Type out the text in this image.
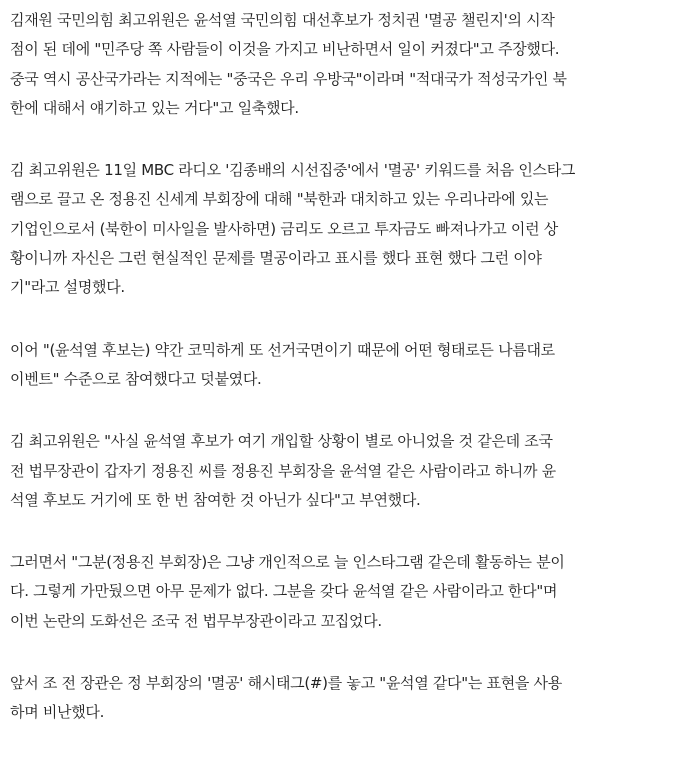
김재원 국민의힘 최고위원은 윤석열 국민의힘 대선후보가 정치권 '멸공 챌린지'의 시작
점이 된 데에 "민주당 쪽 사람들이 이것을 가지고 비난하면서 일이 커졌다"고 주장했다.
중국 역시 공산국가라는 지적에는 "중국은 우리 우방국"이라며 "적대국가 적성국가인 북
한에 대해서 얘기하고 있는 거다"고 일축했다.

김 최고위원은 11일 MBC 라디오 '김종배의 시선집중'에서 '멸공' 키워드를 처음 인스타그
램으로 끌고 온 정용진 신세계 부회장에 대해 "북한과 대치하고 있는 우리나라에 있는
기업인으로서 (북한이 미사일을 발사하면) 금리도 오르고 투자금도 빠져나가고 이런 상
황이니까 자신은 그런 현실적인 문제를 멸공이라고 표시를 했다 표현 했다 그런 이야
기"라고 설명했다.

이어 "(윤석열 후보는) 약간 코믹하게 또 선거국면이기 때문에 어떤 형태로든 나름대로
이벤트" 수준으로 참여했다고 덧붙였다.

김 최고위원은 "사실 윤석열 후보가 여기 개입할 상황이 별로 아니었을 것 같은데 조국
전 법무장관이 갑자기 정용진 씨를 정용진 부회장을 윤석열 같은 사람이라고 하니까 윤
석열 후보도 거기에 또 한 번 참여한 것 아닌가 싶다"고 부연했다.

그러면서 "그분(정용진 부회장)은 그냥 개인적으로 늘 인스타그램 같은데 활동하는 분이
다. 그렇게 가만뒀으면 아무 문제가 없다. 그분을 갖다 윤석열 같은 사람이라고 한다"며
이번 논란의 도화선은 조국 전 법무부장관이라고 꼬집었다.

앞서 조 전 장관은 정 부회장의 '멸공' 해시태그(#)를 놓고 "윤석열 같다"는 표현을 사용
하며 비난했다.
